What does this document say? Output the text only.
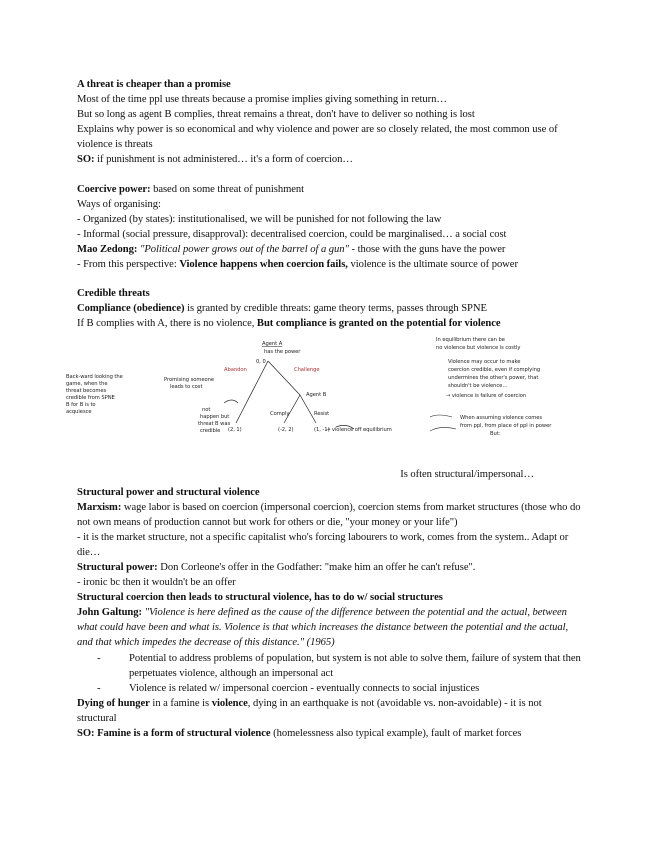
A threat is cheaper than a promise

Most of the time ppl use threats because a promise implies giving something in return…

But so long as agent B complies, threat remains a threat, don't have to deliver so nothing is lost

Explains why power is so economical and why violence and power are so closely related, the most common use of violence is threats

SO: if punishment is not administered… it's a form of coercion…

Coercive power: based on some threat of punishment

Ways of organising:

- Organized (by states): institutionalised, we will be punished for not following the law

- Informal (social pressure, disapproval): decentralised coercion, could be marginalised… a social cost

Mao Zedong: "Political power grows out of the barrel of a gun" - those with the guns have the power

- From this perspective: Violence happens when coercion fails, violence is the ultimate source of power

Credible threats

Compliance (obedience) is granted by credible threats: game theory terms, passes through SPNE

If B complies with A, there is no violence, But compliance is granted on the potential for violence

Agent A
has the power
Agent B
Abandon	Challenge
Comply	Resist
0, 0
(2, 1)	(-2, 2)	(1, -1)
Back-ward looking the
game, when the
threat becomes
credible from SPNE
B for B is to
acquiesce
Promising someone
leads to cost
not
happen but
threat B was
credible	→ violence off equilibrium
In equilibrium there can be
no violence but violence is costly
Violence may occur to make
coercion credible, even if complying
undermines the other's power, that
shouldn't be violence…
→ violence is failure of coercion
When assuming violence comes
from ppl, from place of ppl in power
But:

Is often structural/impersonal…

Structural power and structural violence

Marxism: wage labor is based on coercion (impersonal coercion), coercion stems from market structures (those who do not own means of production cannot but work for others or die, "your money or your life")

- it is the market structure, not a specific capitalist who's forcing labourers to work, comes from the system.. Adapt or die…

Structural power: Don Corleone's offer in the Godfather: "make him an offer he can't refuse".

- ironic bc then it wouldn't be an offer

Structural coercion then leads to structural violence, has to do w/ social structures

John Galtung: "Violence is here defined as the cause of the difference between the potential and the actual, between what could have been and what is. Violence is that which increases the distance between the potential and the actual, and that which impedes the decrease of this distance." (1965)

- Potential to address problems of population, but system is not able to solve them, failure of system that then perpetuates violence, although an impersonal act
- Violence is related w/ impersonal coercion - eventually connects to social injustices

Dying of hunger in a famine is violence, dying in an earthquake is not (avoidable vs. non-avoidable) - it is not structural

SO: Famine is a form of structural violence (homelessness also typical example), fault of market forces
